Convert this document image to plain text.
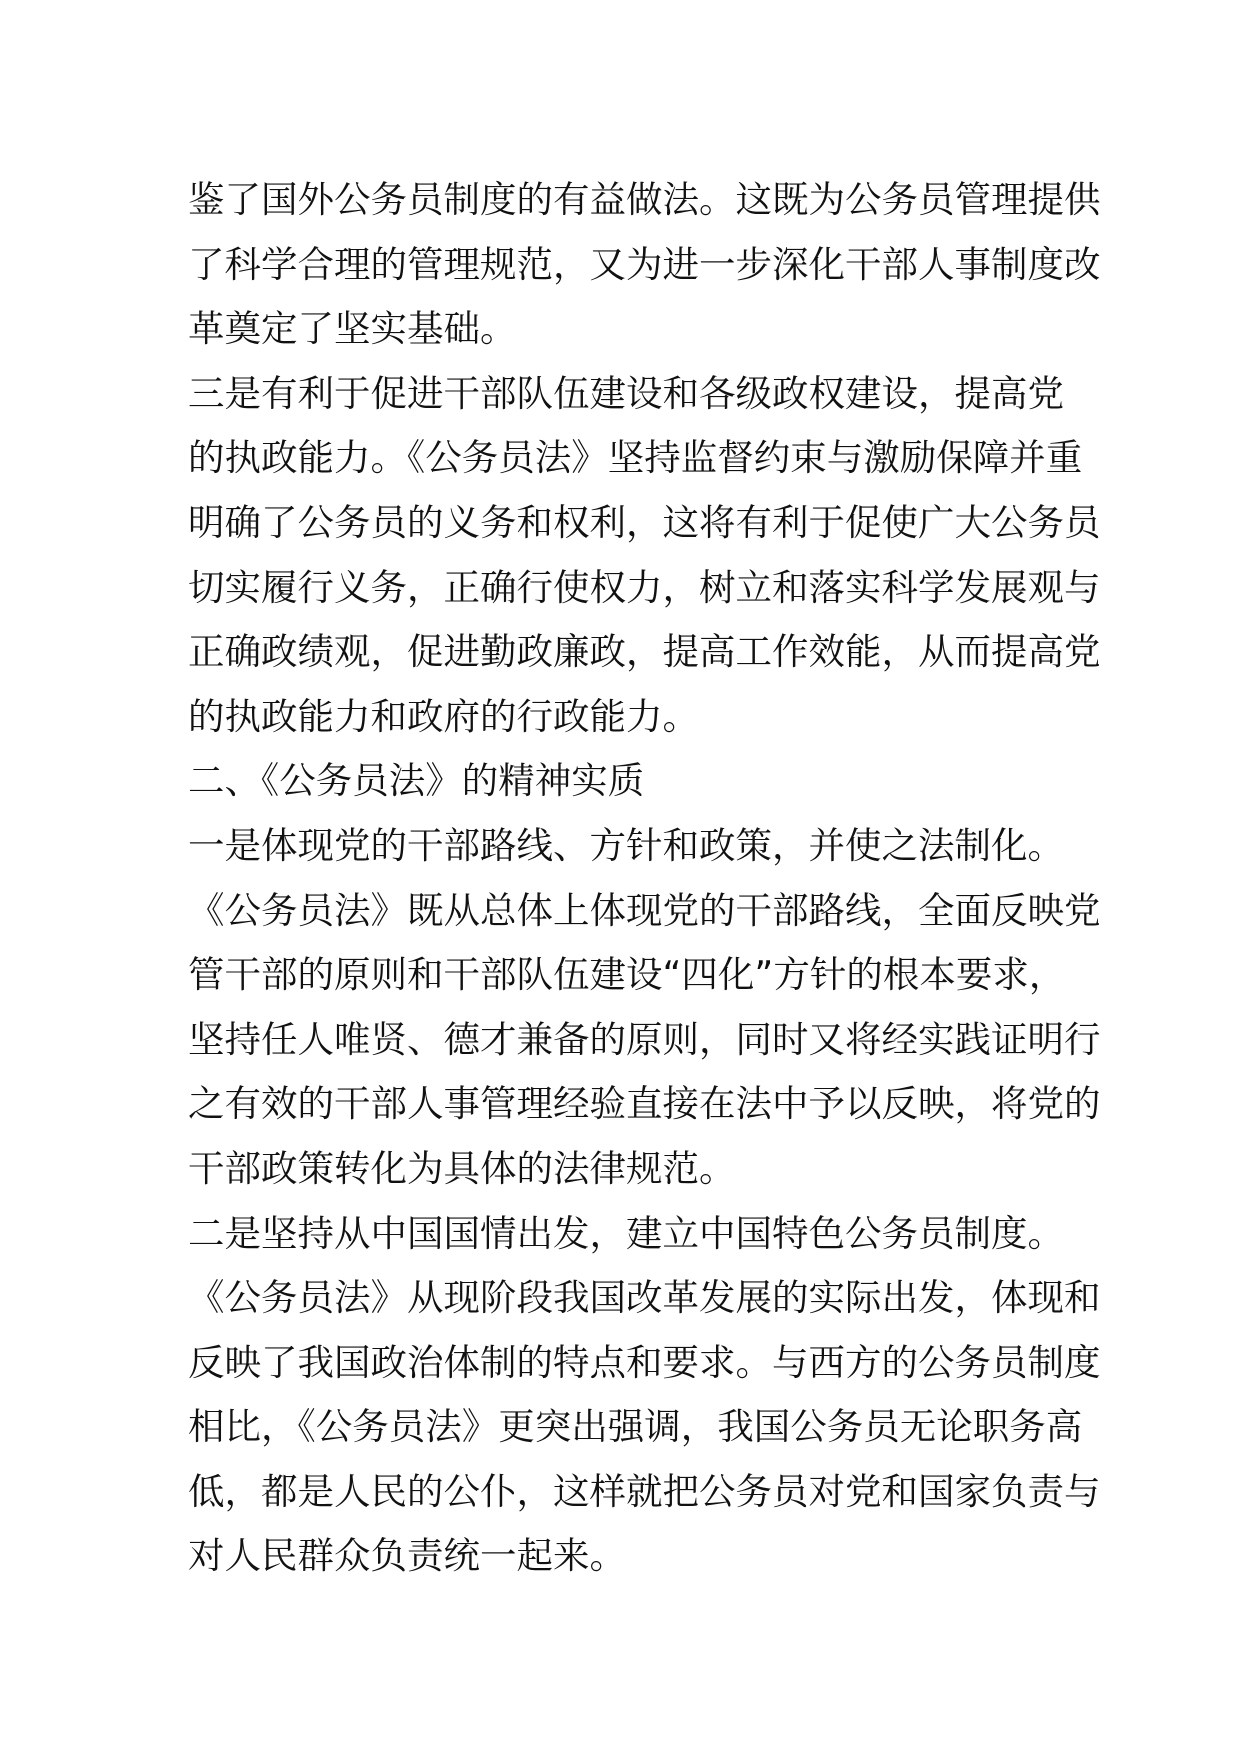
鉴了国外公务员制度的有益做法。这既为公务员管理提供
了科学合理的管理规范，又为进一步深化干部人事制度改
革奠定了坚实基础。
三是有利于促进干部队伍建设和各级政权建设，提高党
的执政能力。《公务员法》坚持监督约束与激励保障并重
明确了公务员的义务和权利，这将有利于促使广大公务员
切实履行义务，正确行使权力，树立和落实科学发展观与
正确政绩观，促进勤政廉政，提高工作效能，从而提高党
的执政能力和政府的行政能力。
二、《公务员法》的精神实质
一是体现党的干部路线、方针和政策，并使之法制化。
《公务员法》既从总体上体现党的干部路线，全面反映党
管干部的原则和干部队伍建设“四化”方针的根本要求，
坚持任人唯贤、德才兼备的原则，同时又将经实践证明行
之有效的干部人事管理经验直接在法中予以反映，将党的
干部政策转化为具体的法律规范。
二是坚持从中国国情出发，建立中国特色公务员制度。
《公务员法》从现阶段我国改革发展的实际出发，体现和
反映了我国政治体制的特点和要求。与西方的公务员制度
相比，《公务员法》更突出强调，我国公务员无论职务高
低，都是人民的公仆，这样就把公务员对党和国家负责与
对人民群众负责统一起来。
